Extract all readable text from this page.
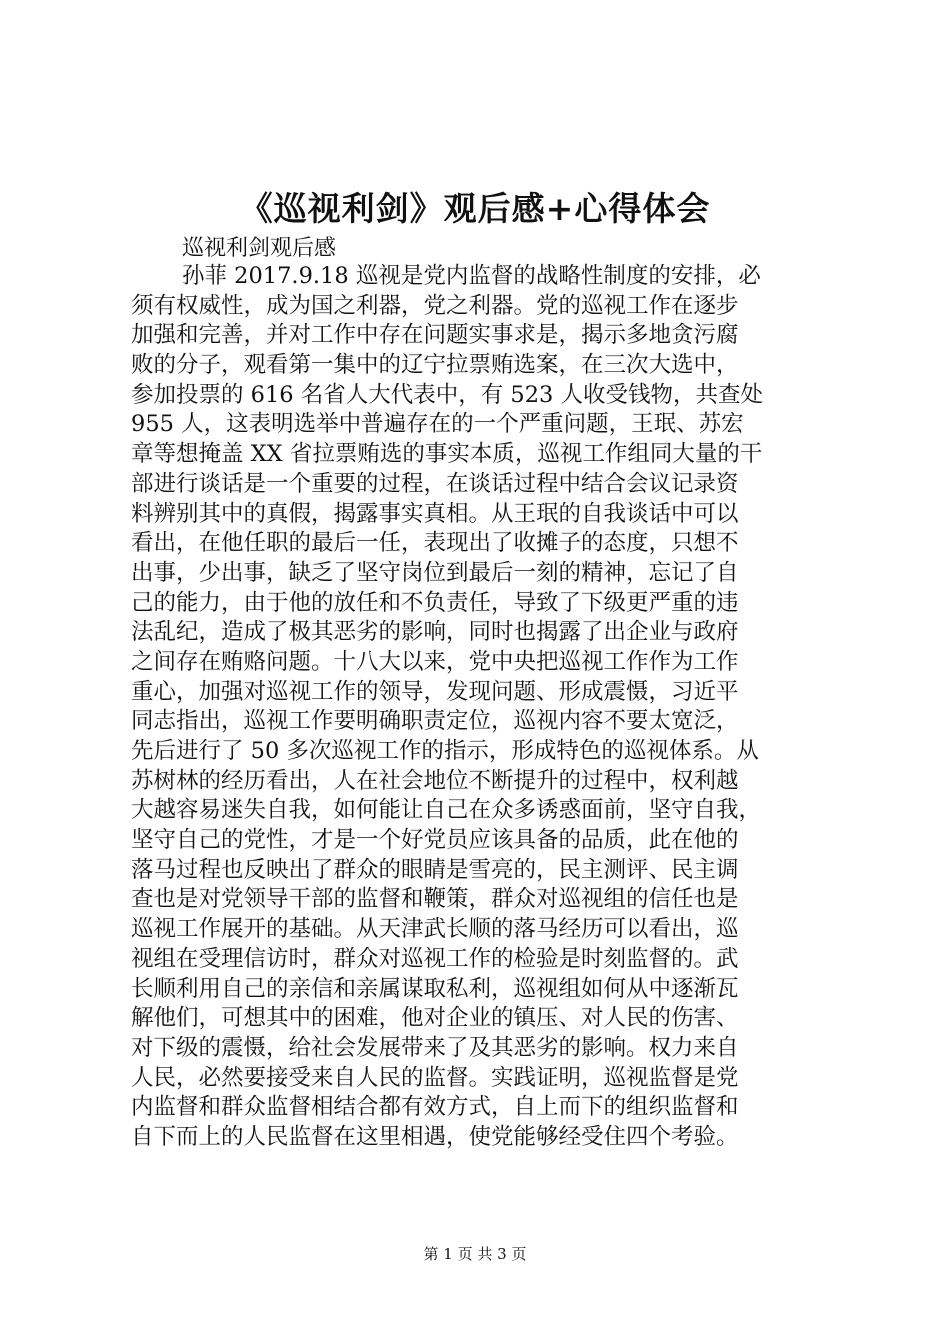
《巡视利剑》观后感+心得体会
巡视利剑观后感
孙菲 2017.9.18 巡视是党内监督的战略性制度的安排，必
须有权威性，成为国之利器，党之利器。党的巡视工作在逐步
加强和完善，并对工作中存在问题实事求是，揭示多地贪污腐
败的分子，观看第一集中的辽宁拉票贿选案，在三次大选中，
参加投票的 616 名省人大代表中，有 523 人收受钱物，共查处
955 人，这表明选举中普遍存在的一个严重问题，王珉、苏宏
章等想掩盖 XX 省拉票贿选的事实本质，巡视工作组同大量的干
部进行谈话是一个重要的过程，在谈话过程中结合会议记录资
料辨别其中的真假，揭露事实真相。从王珉的自我谈话中可以
看出，在他任职的最后一任，表现出了收摊子的态度，只想不
出事，少出事，缺乏了坚守岗位到最后一刻的精神，忘记了自
己的能力，由于他的放任和不负责任，导致了下级更严重的违
法乱纪，造成了极其恶劣的影响，同时也揭露了出企业与政府
之间存在贿赂问题。十八大以来，党中央把巡视工作作为工作
重心，加强对巡视工作的领导，发现问题、形成震慑，习近平
同志指出，巡视工作要明确职责定位，巡视内容不要太宽泛，
先后进行了 50 多次巡视工作的指示，形成特色的巡视体系。从
苏树林的经历看出，人在社会地位不断提升的过程中，权利越
大越容易迷失自我，如何能让自己在众多诱惑面前，坚守自我，
坚守自己的党性，才是一个好党员应该具备的品质，此在他的
落马过程也反映出了群众的眼睛是雪亮的，民主测评、民主调
查也是对党领导干部的监督和鞭策，群众对巡视组的信任也是
巡视工作展开的基础。从天津武长顺的落马经历可以看出，巡
视组在受理信访时，群众对巡视工作的检验是时刻监督的。武
长顺利用自己的亲信和亲属谋取私利，巡视组如何从中逐渐瓦
解他们，可想其中的困难，他对企业的镇压、对人民的伤害、
对下级的震慑，给社会发展带来了及其恶劣的影响。权力来自
人民，必然要接受来自人民的监督。实践证明，巡视监督是党
内监督和群众监督相结合都有效方式，自上而下的组织监督和
自下而上的人民监督在这里相遇，使党能够经受住四个考验。
第 1 页 共 3 页
